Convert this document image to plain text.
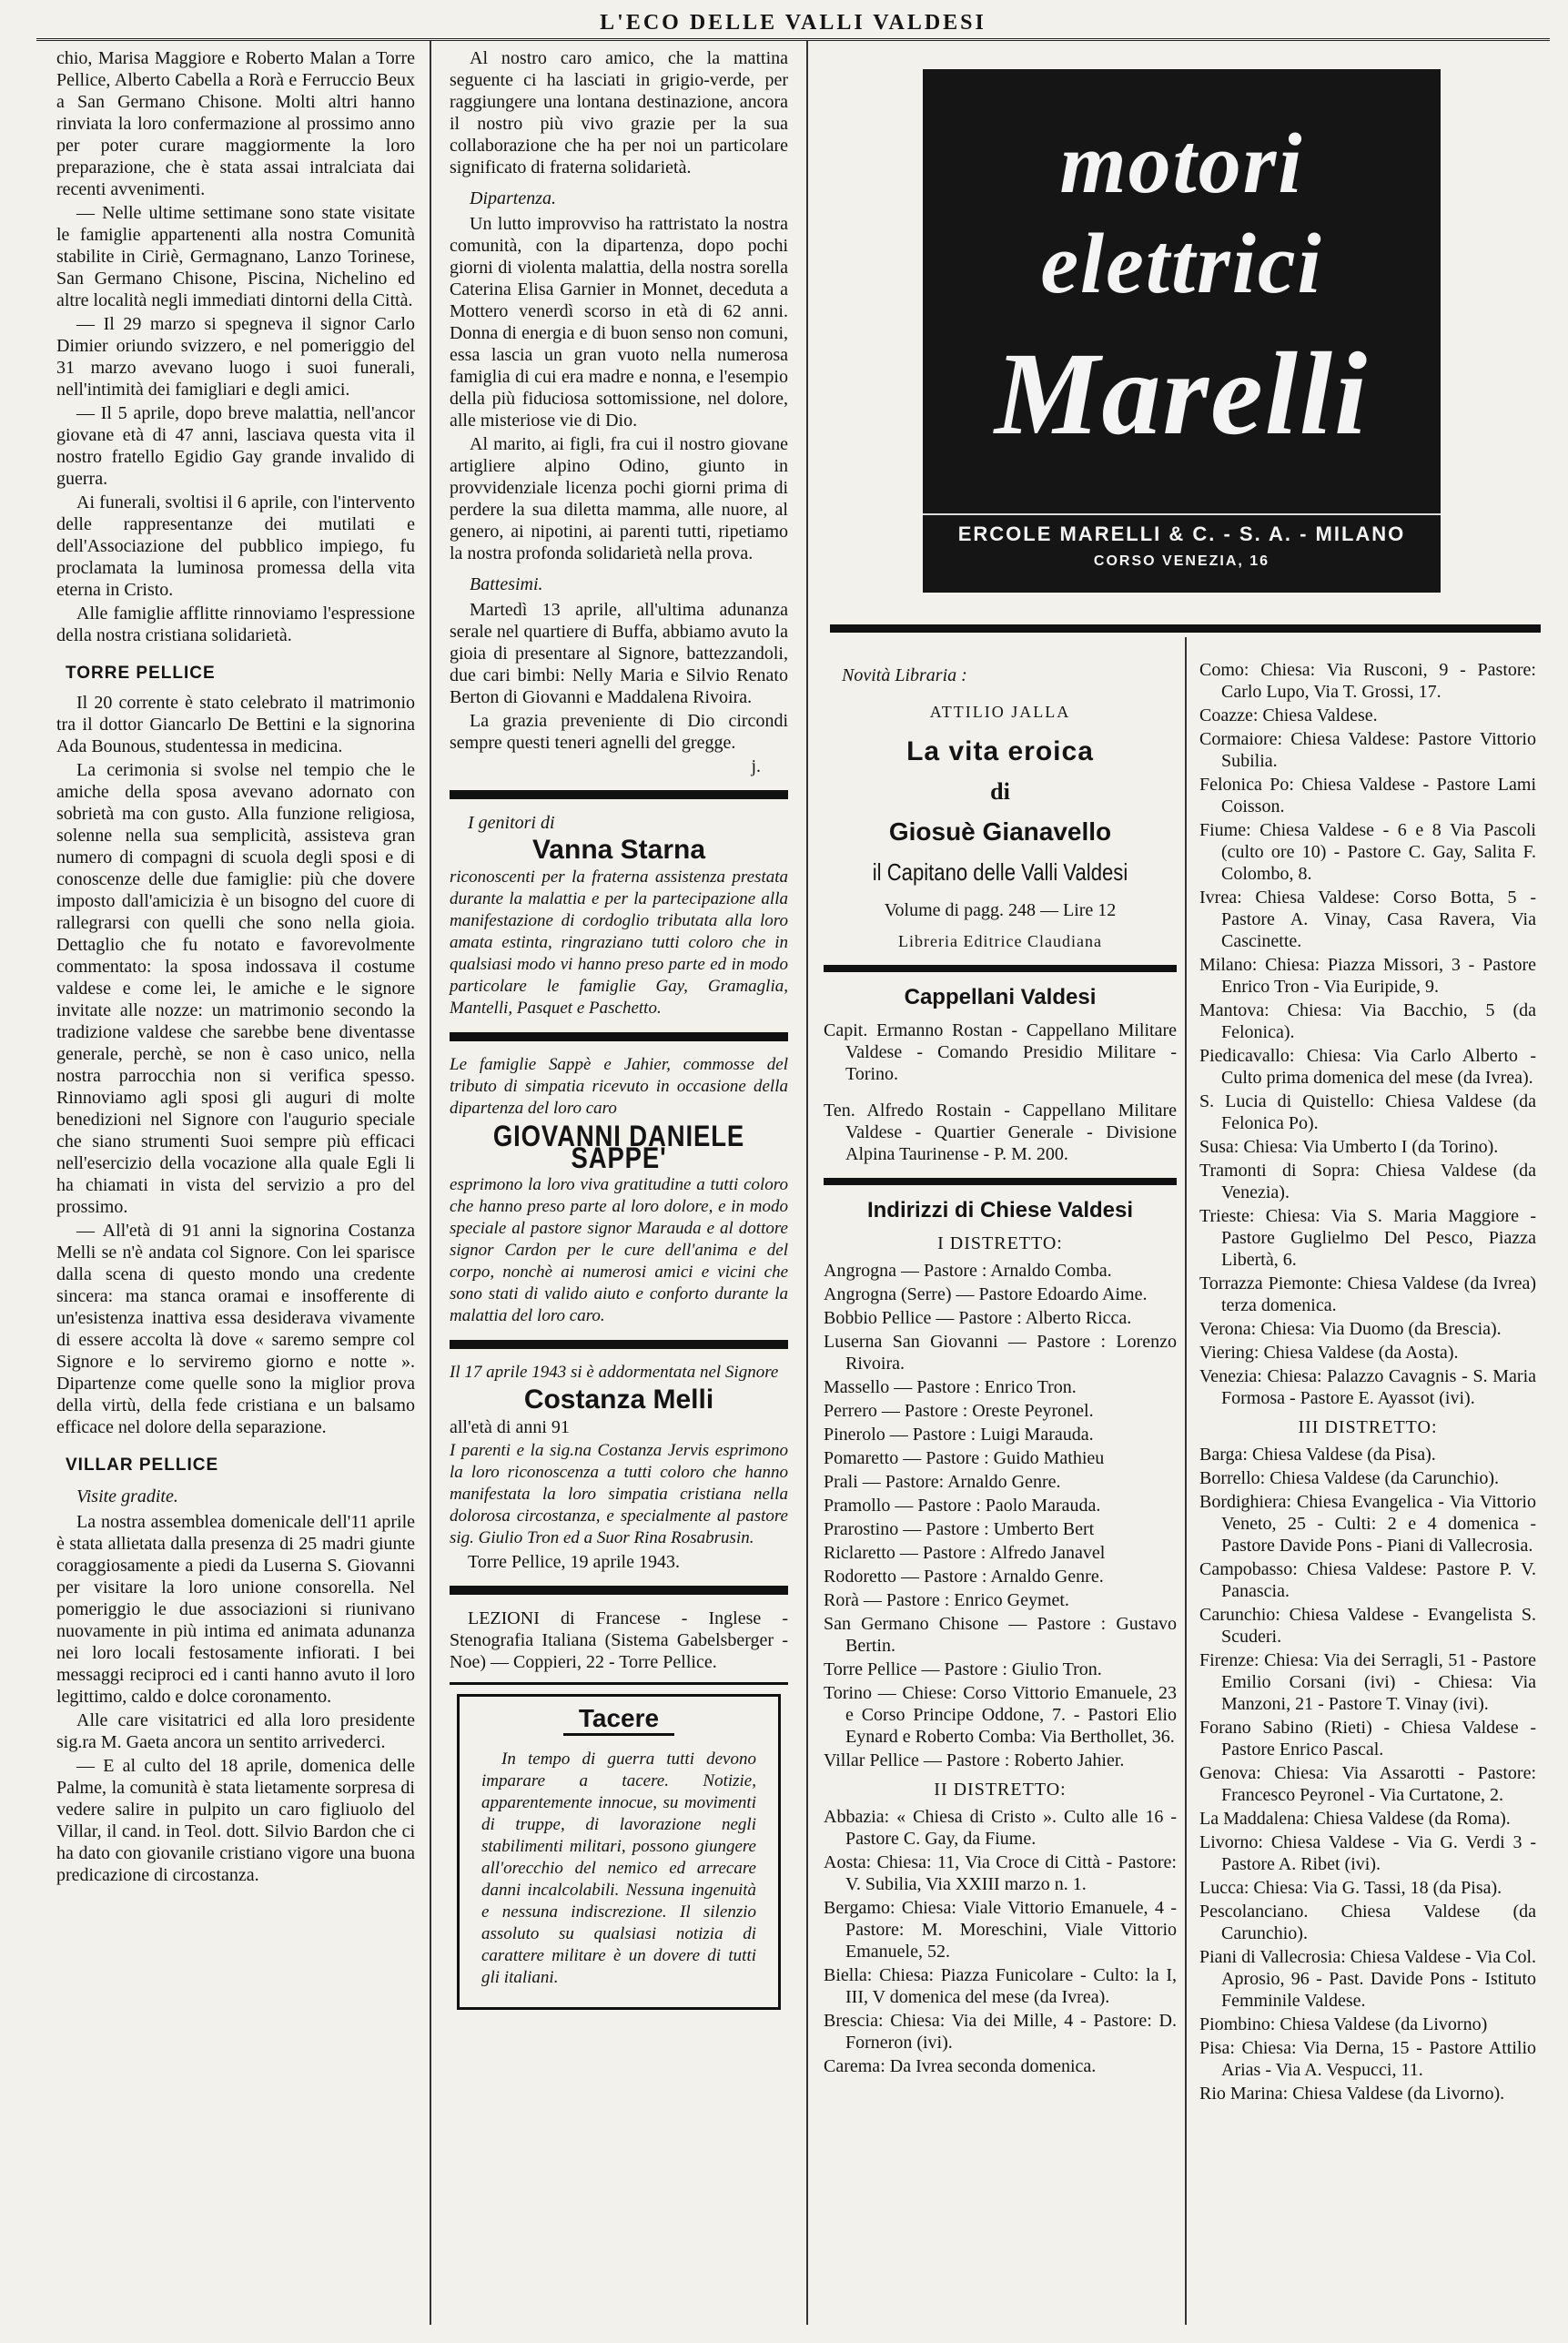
L'ECO DELLE VALLI VALDESI

chio, Marisa Maggiore e Roberto Malan a Torre Pellice, Alberto Cabella a Rorà e Ferruccio Beux a San Germano Chisone. Molti altri hanno rinviata la loro confermazione al prossimo anno per poter curare maggiormente la loro preparazione, che è stata assai intralciata dai recenti avvenimenti.

— Nelle ultime settimane sono state visitate le famiglie appartenenti alla nostra Comunità stabilite in Ciriè, Germagnano, Lanzo Torinese, San Germano Chisone, Piscina, Nichelino ed altre località negli immediati dintorni della Città.

— Il 29 marzo si spegneva il signor Carlo Dimier oriundo svizzero, e nel pomeriggio del 31 marzo avevano luogo i suoi funerali, nell'intimità dei famigliari e degli amici.

— Il 5 aprile, dopo breve malattia, nell'ancor giovane età di 47 anni, lasciava questa vita il nostro fratello Egidio Gay grande invalido di guerra.

Ai funerali, svoltisi il 6 aprile, con l'intervento delle rappresentanze dei mutilati e dell'Associazione del pubblico impiego, fu proclamata la luminosa promessa della vita eterna in Cristo.

Alle famiglie afflitte rinnoviamo l'espressione della nostra cristiana solidarietà.

TORRE PELLICE

Il 20 corrente è stato celebrato il matrimonio tra il dottor Giancarlo De Bettini e la signorina Ada Bounous, studentessa in medicina.

La cerimonia si svolse nel tempio che le amiche della sposa avevano adornato con sobrietà ma con gusto. Alla funzione religiosa, solenne nella sua semplicità, assisteva gran numero di compagni di scuola degli sposi e di conoscenze delle due famiglie: più che dovere imposto dall'amicizia è un bisogno del cuore di rallegrarsi con quelli che sono nella gioia. Dettaglio che fu notato e favorevolmente commentato: la sposa indossava il costume valdese e come lei, le amiche e le signore invitate alle nozze: un matrimonio secondo la tradizione valdese che sarebbe bene diventasse generale, perchè, se non è caso unico, nella nostra parrocchia non si verifica spesso. Rinnoviamo agli sposi gli auguri di molte benedizioni nel Signore con l'augurio speciale che siano strumenti Suoi sempre più efficaci nell'esercizio della vocazione alla quale Egli li ha chiamati in vista del servizio a pro del prossimo.

— All'età di 91 anni la signorina Costanza Melli se n'è andata col Signore. Con lei sparisce dalla scena di questo mondo una credente sincera: ma stanca oramai e insofferente di un'esistenza inattiva essa desiderava vivamente di essere accolta là dove « saremo sempre col Signore e lo serviremo giorno e notte ». Dipartenze come quelle sono la miglior prova della virtù, della fede cristiana e un balsamo efficace nel dolore della separazione.

VILLAR PELLICE
Visite gradite.

La nostra assemblea domenicale dell'11 aprile è stata allietata dalla presenza di 25 madri giunte coraggiosamente a piedi da Luserna S. Giovanni per visitare la loro unione consorella. Nel pomeriggio le due associazioni si riunivano nuovamente in più intima ed animata adunanza nei loro locali festosamente infiorati. I bei messaggi reciproci ed i canti hanno avuto il loro legittimo, caldo e dolce coronamento.

Alle care visitatrici ed alla loro presidente sig.ra M. Gaeta ancora un sentito arrivederci.

— E al culto del 18 aprile, domenica delle Palme, la comunità è stata lietamente sorpresa di vedere salire in pulpito un caro figliuolo del Villar, il cand. in Teol. dott. Silvio Bardon che ci ha dato con giovanile cristiano vigore una buona predicazione di circostanza.

Al nostro caro amico, che la mattina seguente ci ha lasciati in grigio-verde, per raggiungere una lontana destinazione, ancora il nostro più vivo grazie per la sua collaborazione che ha per noi un particolare significato di fraterna solidarietà.

Dipartenza.

Un lutto improvviso ha rattristato la nostra comunità, con la dipartenza, dopo pochi giorni di violenta malattia, della nostra sorella Caterina Elisa Garnier in Monnet, deceduta a Mottero venerdì scorso in età di 62 anni. Donna di energia e di buon senso non comuni, essa lascia un gran vuoto nella numerosa famiglia di cui era madre e nonna, e l'esempio della più fiduciosa sottomissione, nel dolore, alle misteriose vie di Dio.

Al marito, ai figli, fra cui il nostro giovane artigliere alpino Odino, giunto in provvidenziale licenza pochi giorni prima di perdere la sua diletta mamma, alle nuore, al genero, ai nipotini, ai parenti tutti, ripetiamo la nostra profonda solidarietà nella prova.

Battesimi.

Martedì 13 aprile, all'ultima adunanza serale nel quartiere di Buffa, abbiamo avuto la gioia di presentare al Signore, battezzandoli, due cari bimbi: Nelly Maria e Silvio Renato Berton di Giovanni e Maddalena Rivoira.

La grazia preveniente di Dio circondi sempre questi teneri agnelli del gregge.

j.

I genitori di

Vanna Starna

riconoscenti per la fraterna assistenza prestata durante la malattia e per la partecipazione alla manifestazione di cordoglio tributata alla loro amata estinta, ringraziano tutti coloro che in qualsiasi modo vi hanno preso parte ed in modo particolare le famiglie Gay, Gramaglia, Mantelli, Pasquet e Paschetto.

Le famiglie Sappè e Jahier, commosse del tributo di simpatia ricevuto in occasione della dipartenza del loro caro

GIOVANNI DANIELE SAPPE'

esprimono la loro viva gratitudine a tutti coloro che hanno preso parte al loro dolore, e in modo speciale al pastore signor Marauda e al dottore signor Cardon per le cure dell'anima e del corpo, nonchè ai numerosi amici e vicini che sono stati di valido aiuto e conforto durante la malattia del loro caro.

Il 17 aprile 1943 si è addormentata nel Signore

Costanza Melli

all'età di anni 91

I parenti e la sig.na Costanza Jervis esprimono la loro riconoscenza a tutti coloro che hanno manifestata la loro simpatia cristiana nella dolorosa circostanza, e specialmente al pastore sig. Giulio Tron ed a Suor Rina Rosabrusin.

Torre Pellice, 19 aprile 1943.

LEZIONI di Francese - Inglese - Stenografia Italiana (Sistema Gabelsberger - Noe) — Coppieri, 22 - Torre Pellice.

Tacere

In tempo di guerra tutti devono imparare a tacere. Notizie, apparentemente innocue, su movimenti di truppe, di lavorazione negli stabilimenti militari, possono giungere all'orecchio del nemico ed arrecare danni incalcolabili. Nessuna ingenuità e nessuna indiscrezione. Il silenzio assoluto su qualsiasi notizia di carattere militare è un dovere di tutti gli italiani.

motori
elettrici
Marelli
ERCOLE MARELLI & C. - S. A. - MILANO
CORSO VENEZIA, 16

Novità Libraria :

ATTILIO JALLA
La vita eroica
di
Giosuè Gianavello
il Capitano delle Valli Valdesi
Volume di pagg. 248 — Lire 12
Libreria Editrice Claudiana
Cappellani Valdesi

Capit. Ermanno Rostan - Cappellano Militare Valdese - Comando Presidio Militare - Torino.

Ten. Alfredo Rostain - Cappellano Militare Valdese - Quartier Generale - Divisione Alpina Taurinense - P. M. 200.

Indirizzi di Chiese Valdesi
I DISTRETTO:

Angrogna — Pastore : Arnaldo Comba.

Angrogna (Serre) — Pastore Edoardo Aime.

Bobbio Pellice — Pastore : Alberto Ricca.

Luserna San Giovanni — Pastore : Lorenzo Rivoira.

Massello — Pastore : Enrico Tron.

Perrero — Pastore : Oreste Peyronel.

Pinerolo — Pastore : Luigi Marauda.

Pomaretto — Pastore : Guido Mathieu

Prali — Pastore: Arnaldo Genre.

Pramollo — Pastore : Paolo Marauda.

Prarostino — Pastore : Umberto Bert

Riclaretto — Pastore : Alfredo Janavel

Rodoretto — Pastore : Arnaldo Genre.

Rorà — Pastore : Enrico Geymet.

San Germano Chisone — Pastore : Gustavo Bertin.

Torre Pellice — Pastore : Giulio Tron.

Torino — Chiese: Corso Vittorio Emanuele, 23 e Corso Principe Oddone, 7. - Pastori Elio Eynard e Roberto Comba: Via Berthollet, 36.

Villar Pellice — Pastore : Roberto Jahier.

II DISTRETTO:

Abbazia: « Chiesa di Cristo ». Culto alle 16 - Pastore C. Gay, da Fiume.

Aosta: Chiesa: 11, Via Croce di Città - Pastore: V. Subilia, Via XXIII marzo n. 1.

Bergamo: Chiesa: Viale Vittorio Emanuele, 4 - Pastore: M. Moreschini, Viale Vittorio Emanuele, 52.

Biella: Chiesa: Piazza Funicolare - Culto: la I, III, V domenica del mese (da Ivrea).

Brescia: Chiesa: Via dei Mille, 4 - Pastore: D. Forneron (ivi).

Carema: Da Ivrea seconda domenica.

Como: Chiesa: Via Rusconi, 9 - Pastore: Carlo Lupo, Via T. Grossi, 17.

Coazze: Chiesa Valdese.

Cormaiore: Chiesa Valdese: Pastore Vittorio Subilia.

Felonica Po: Chiesa Valdese - Pastore Lami Coisson.

Fiume: Chiesa Valdese - 6 e 8 Via Pascoli (culto ore 10) - Pastore C. Gay, Salita F. Colombo, 8.

Ivrea: Chiesa Valdese: Corso Botta, 5 - Pastore A. Vinay, Casa Ravera, Via Cascinette.

Milano: Chiesa: Piazza Missori, 3 - Pastore Enrico Tron - Via Euripide, 9.

Mantova: Chiesa: Via Bacchio, 5 (da Felonica).

Piedicavallo: Chiesa: Via Carlo Alberto - Culto prima domenica del mese (da Ivrea).

S. Lucia di Quistello: Chiesa Valdese (da Felonica Po).

Susa: Chiesa: Via Umberto I (da Torino).

Tramonti di Sopra: Chiesa Valdese (da Venezia).

Trieste: Chiesa: Via S. Maria Maggiore - Pastore Guglielmo Del Pesco, Piazza Libertà, 6.

Torrazza Piemonte: Chiesa Valdese (da Ivrea) terza domenica.

Verona: Chiesa: Via Duomo (da Brescia).

Viering: Chiesa Valdese (da Aosta).

Venezia: Chiesa: Palazzo Cavagnis - S. Maria Formosa - Pastore E. Ayassot (ivi).

III DISTRETTO:

Barga: Chiesa Valdese (da Pisa).

Borrello: Chiesa Valdese (da Carunchio).

Bordighiera: Chiesa Evangelica - Via Vittorio Veneto, 25 - Culti: 2 e 4 domenica - Pastore Davide Pons - Piani di Vallecrosia.

Campobasso: Chiesa Valdese: Pastore P. V. Panascia.

Carunchio: Chiesa Valdese - Evangelista S. Scuderi.

Firenze: Chiesa: Via dei Serragli, 51 - Pastore Emilio Corsani (ivi) - Chiesa: Via Manzoni, 21 - Pastore T. Vinay (ivi).

Forano Sabino (Rieti) - Chiesa Valdese - Pastore Enrico Pascal.

Genova: Chiesa: Via Assarotti - Pastore: Francesco Peyronel - Via Curtatone, 2.

La Maddalena: Chiesa Valdese (da Roma).

Livorno: Chiesa Valdese - Via G. Verdi 3 - Pastore A. Ribet (ivi).

Lucca: Chiesa: Via G. Tassi, 18 (da Pisa).

Pescolanciano. Chiesa Valdese (da Carunchio).

Piani di Vallecrosia: Chiesa Valdese - Via Col. Aprosio, 96 - Past. Davide Pons - Istituto Femminile Valdese.

Piombino: Chiesa Valdese (da Livorno)

Pisa: Chiesa: Via Derna, 15 - Pastore Attilio Arias - Via A. Vespucci, 11.

Rio Marina: Chiesa Valdese (da Livorno).
